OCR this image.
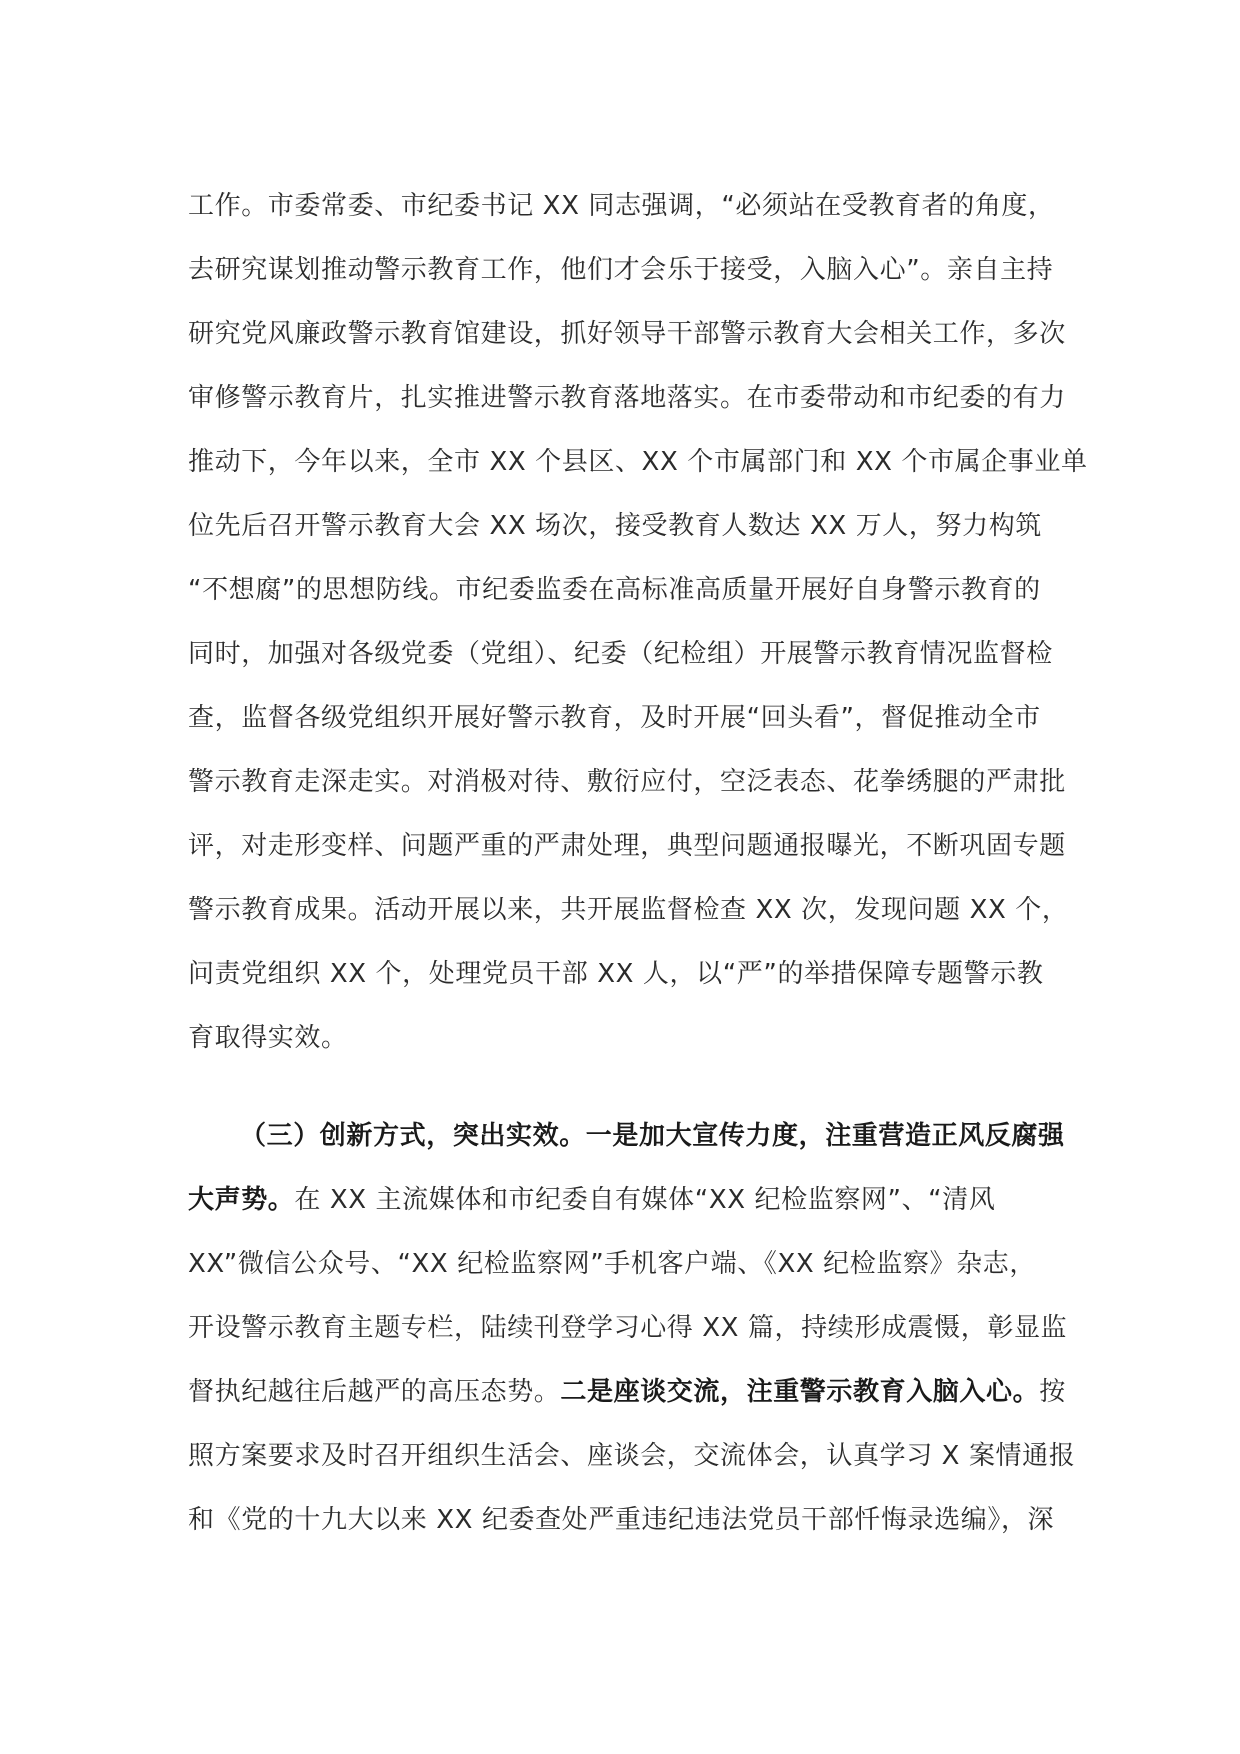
工作。市委常委、市纪委书记 XX 同志强调，“必须站在受教育者的角度，
去研究谋划推动警示教育工作，他们才会乐于接受，入脑入心”。亲自主持
研究党风廉政警示教育馆建设，抓好领导干部警示教育大会相关工作，多次
审修警示教育片，扎实推进警示教育落地落实。在市委带动和市纪委的有力
推动下，今年以来，全市 XX 个县区、XX 个市属部门和 XX 个市属企事业单
位先后召开警示教育大会 XX 场次，接受教育人数达 XX 万人，努力构筑
“不想腐”的思想防线。市纪委监委在高标准高质量开展好自身警示教育的
同时，加强对各级党委（党组）、纪委（纪检组）开展警示教育情况监督检
查，监督各级党组织开展好警示教育，及时开展“回头看”，督促推动全市
警示教育走深走实。对消极对待、敷衍应付，空泛表态、花拳绣腿的严肃批
评，对走形变样、问题严重的严肃处理，典型问题通报曝光，不断巩固专题
警示教育成果。活动开展以来，共开展监督检查 XX 次，发现问题 XX 个，
问责党组织 XX 个，处理党员干部 XX 人，以“严”的举措保障专题警示教
育取得实效。
（三）创新方式，突出实效。一是加大宣传力度，注重营造正风反腐强
大声势。在 XX 主流媒体和市纪委自有媒体“XX 纪检监察网”、“清风
XX”微信公众号、“XX 纪检监察网”手机客户端、《XX 纪检监察》杂志，
开设警示教育主题专栏，陆续刊登学习心得 XX 篇，持续形成震慑，彰显监
督执纪越往后越严的高压态势。二是座谈交流，注重警示教育入脑入心。按
照方案要求及时召开组织生活会、座谈会，交流体会，认真学习 X 案情通报
和《党的十九大以来 XX 纪委查处严重违纪违法党员干部忏悔录选编》，深
